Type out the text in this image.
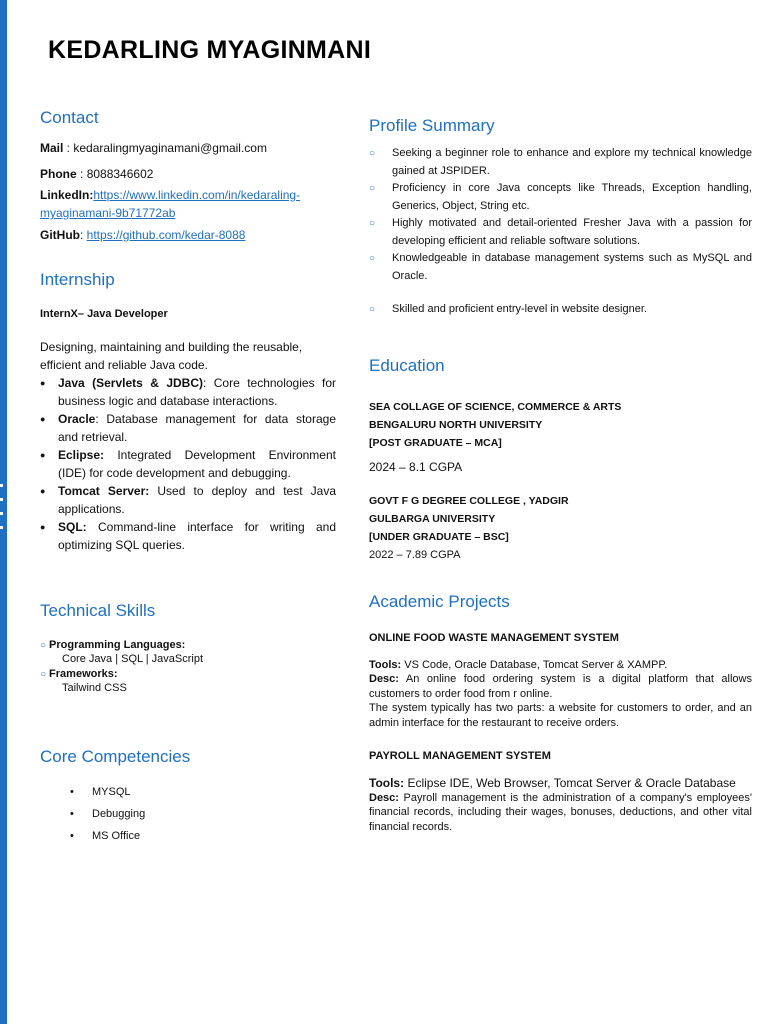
KEDARLING MYAGINMANI
Contact
Mail : kedaralingmyaginamani@gmail.com
Phone : 8088346602
LinkedIn:https://www.linkedin.com/in/kedaraling-
myaginamani-9b71772ab
GitHub: https://github.com/kedar-8088
Internship
InternX– Java Developer
Designing, maintaining and building the reusable, efficient and reliable Java code.
● Java (Servlets & JDBC): Core technologies for business logic and database interactions.
● Oracle: Database management for data storage and retrieval.
● Eclipse: Integrated Development Environment (IDE) for code development and debugging.
● Tomcat Server: Used to deploy and test Java applications.
● SQL: Command-line interface for writing and optimizing SQL queries.
Technical Skills
○ Programming Languages:
Core Java | SQL | JavaScript
○ Frameworks:
Tailwind CSS
Core Competencies
• MYSQL
• Debugging
• MS Office
Profile Summary
○ Seeking a beginner role to enhance and explore my technical knowledge gained at JSPIDER.
○ Proficiency in core Java concepts like Threads, Exception handling, Generics, Object, String etc.
○ Highly motivated and detail-oriented Fresher Java with a passion for developing efficient and reliable software solutions.
○ Knowledgeable in database management systems such as MySQL and Oracle.
○ Skilled and proficient entry-level in website designer.
Education
SEA COLLAGE OF SCIENCE, COMMERCE & ARTS
BENGALURU NORTH UNIVERSITY
[POST GRADUATE – MCA]
2024 – 8.1 CGPA
GOVT F G DEGREE COLLEGE , YADGIR
GULBARGA UNIVERSITY
[UNDER GRADUATE – BSC]
2022 – 7.89 CGPA
Academic Projects
ONLINE FOOD WASTE MANAGEMENT SYSTEM
Tools: VS Code, Oracle Database, Tomcat Server & XAMPP.
Desc: An online food ordering system is a digital platform that allows customers to order food from r online.
The system typically has two parts: a website for customers to order, and an admin interface for the restaurant to receive orders.
PAYROLL MANAGEMENT SYSTEM
Tools: Eclipse IDE, Web Browser, Tomcat Server & Oracle Database
Desc: Payroll management is the administration of a company's employees' financial records, including their wages, bonuses, deductions, and other vital financial records.
